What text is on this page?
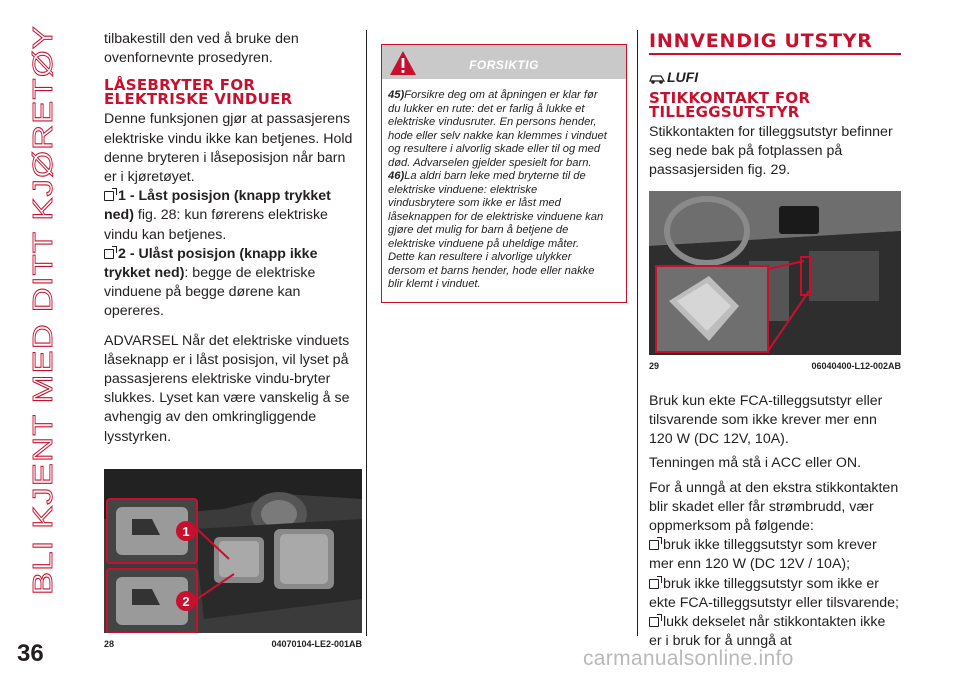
BLI KJENT MED DITT KJØRETØY
36	carmanualsonline.info

tilbakestill den ved å bruke den

ovenfornevnte prosedyren.

LÅSEBRYTER FOR
ELEKTRISKE VINDUER

Denne funksjonen gjør at passasjerens

elektriske vindu ikke kan betjenes. Hold

denne bryteren i låseposisjon når barn

er i kjøretøyet.

1 - Låst posisjon (knapp trykket

ned) fig. 28: kun førerens elektriske

vindu kan betjenes.

2 - Ulåst posisjon (knapp ikke

trykket ned): begge de elektriske

vinduene på begge dørene kan

opereres.

ADVARSEL Når det elektriske vinduets

låseknapp er i låst posisjon, vil lyset på

passasjerens elektriske vindu-bryter

slukkes. Lyset kan være vanskelig å se

avhengig av den omkringliggende

lysstyrken.

1
2
28	04070104-LE2-001AB
FORSIKTIG
45)Forsikre deg om at åpningen er klar før
du lukker en rute: det er farlig å lukke et
elektriske vindusruter. En persons hender,
hode eller selv nakke kan klemmes i vinduet
og resultere i alvorlig skade eller til og med
død. Advarselen gjelder spesielt for barn.
46)La aldri barn leke med bryterne til de
elektriske vinduene: elektriske
vindusbrytere som ikke er låst med
låseknappen for de elektriske vinduene kan
gjøre det mulig for barn å betjene de
elektriske vinduene på uheldige måter.
Dette kan resultere i alvorlige ulykker
dersom et barns hender, hode eller nakke
blir klemt i vinduet.
INNVENDIG UTSTYR
LUFI
STIKKONTAKT FOR
TILLEGGSUTSTYR

Stikkontakten for tilleggsutstyr befinner

seg nede bak på fotplassen på

passasjersiden fig. 29.

29	06040400-L12-002AB

Bruk kun ekte FCA-tilleggsutstyr eller

tilsvarende som ikke krever mer enn

120 W (DC 12V, 10A).

Tenningen må stå i ACC eller ON.

For å unngå at den ekstra stikkontakten

blir skadet eller får strømbrudd, vær

oppmerksom på følgende:

bruk ikke tilleggsutstyr som krever

mer enn 120 W (DC 12V / 10A);

bruk ikke tilleggsutstyr som ikke er

ekte FCA-tilleggsutstyr eller tilsvarende;

lukk dekselet når stikkontakten ikke

er i bruk for å unngå at
